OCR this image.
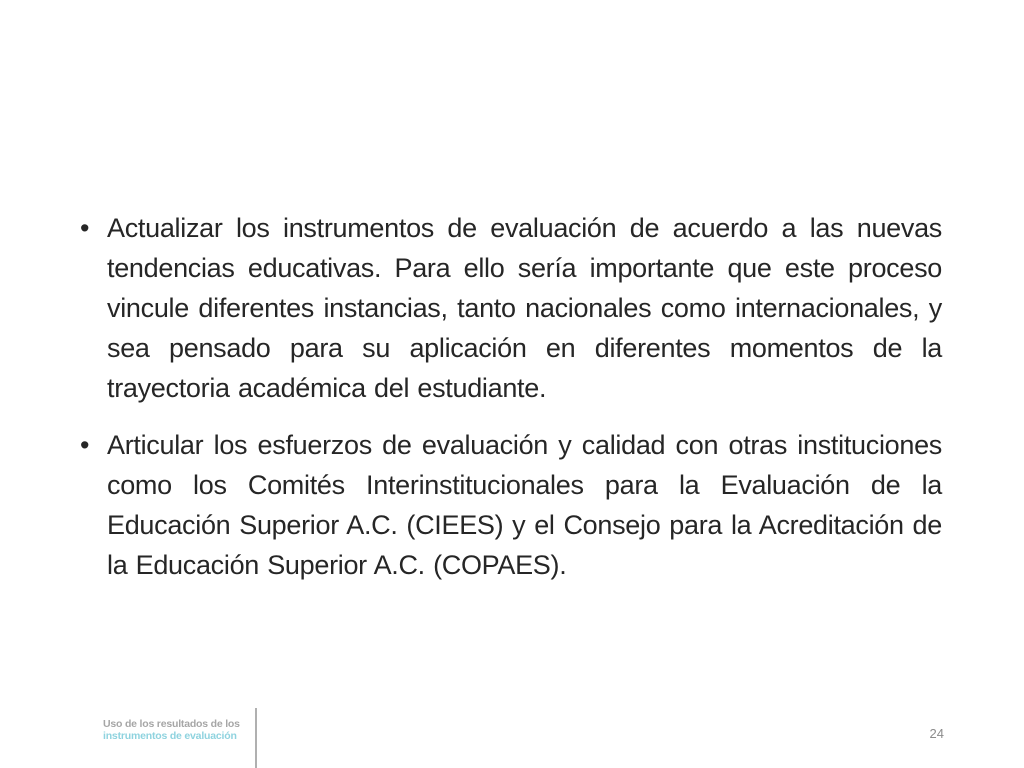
• Actualizar los instrumentos de evaluación de acuerdo a las nuevas tendencias educativas. Para ello sería importante que este proceso vincule diferentes instancias, tanto nacionales como internacionales, y sea pensado para su aplicación en diferentes momentos de la trayectoria académica del estudiante.
• Articular los esfuerzos de evaluación y calidad con otras instituciones como los Comités Interinstitucionales para la Evaluación de la Educación Superior A.C. (CIEES) y el Consejo para la Acreditación de la Educación Superior A.C. (COPAES).
Uso de los resultados de los
instrumentos de evaluación	24
